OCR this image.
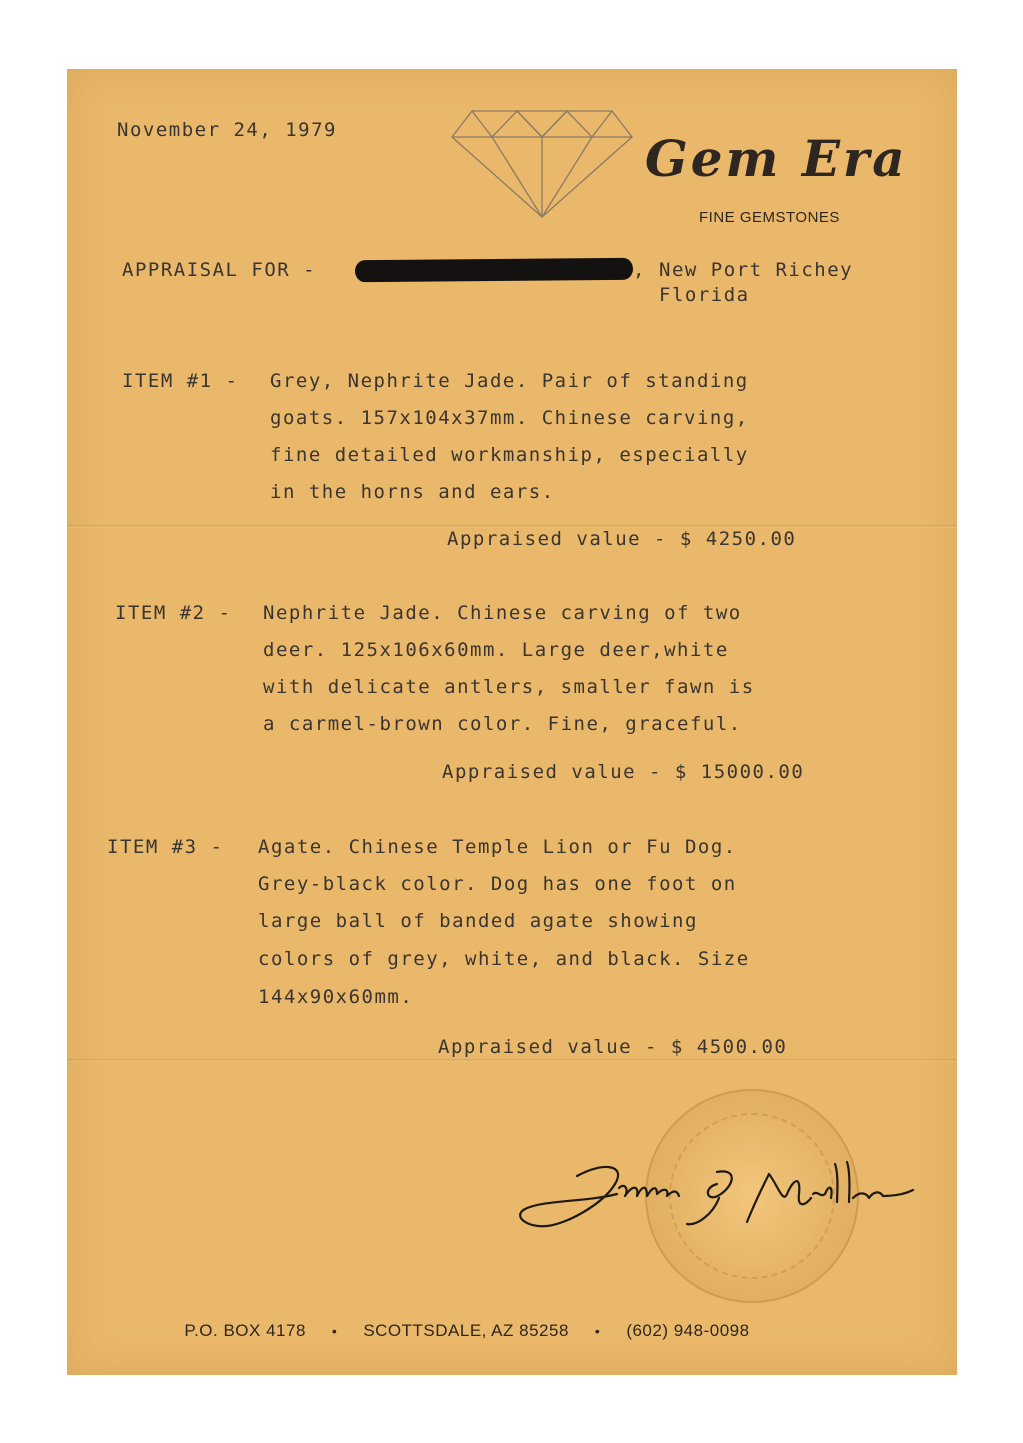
November 24, 1979	Gem Era
FINE GEMSTONES
APPRAISAL FOR -	, New Port Richey
Florida
ITEM #1 - Grey, Nephrite Jade. Pair of standing
goats. 157x104x37mm. Chinese carving,
fine detailed workmanship, especially
in the horns and ears.
Appraised value - $ 4250.00
ITEM #2 - Nephrite Jade. Chinese carving of two
deer. 125x106x60mm. Large deer,white
with delicate antlers, smaller fawn is
a carmel-brown color. Fine, graceful.
Appraised value - $ 15000.00
ITEM #3 - Agate. Chinese Temple Lion or Fu Dog.
Grey-black color. Dog has one foot on
large ball of banded agate showing
colors of grey, white, and black. Size
144x90x60mm.
Appraised value - $ 4500.00
P.O. BOX 4178 • SCOTTSDALE, AZ 85258 • (602) 948-0098
